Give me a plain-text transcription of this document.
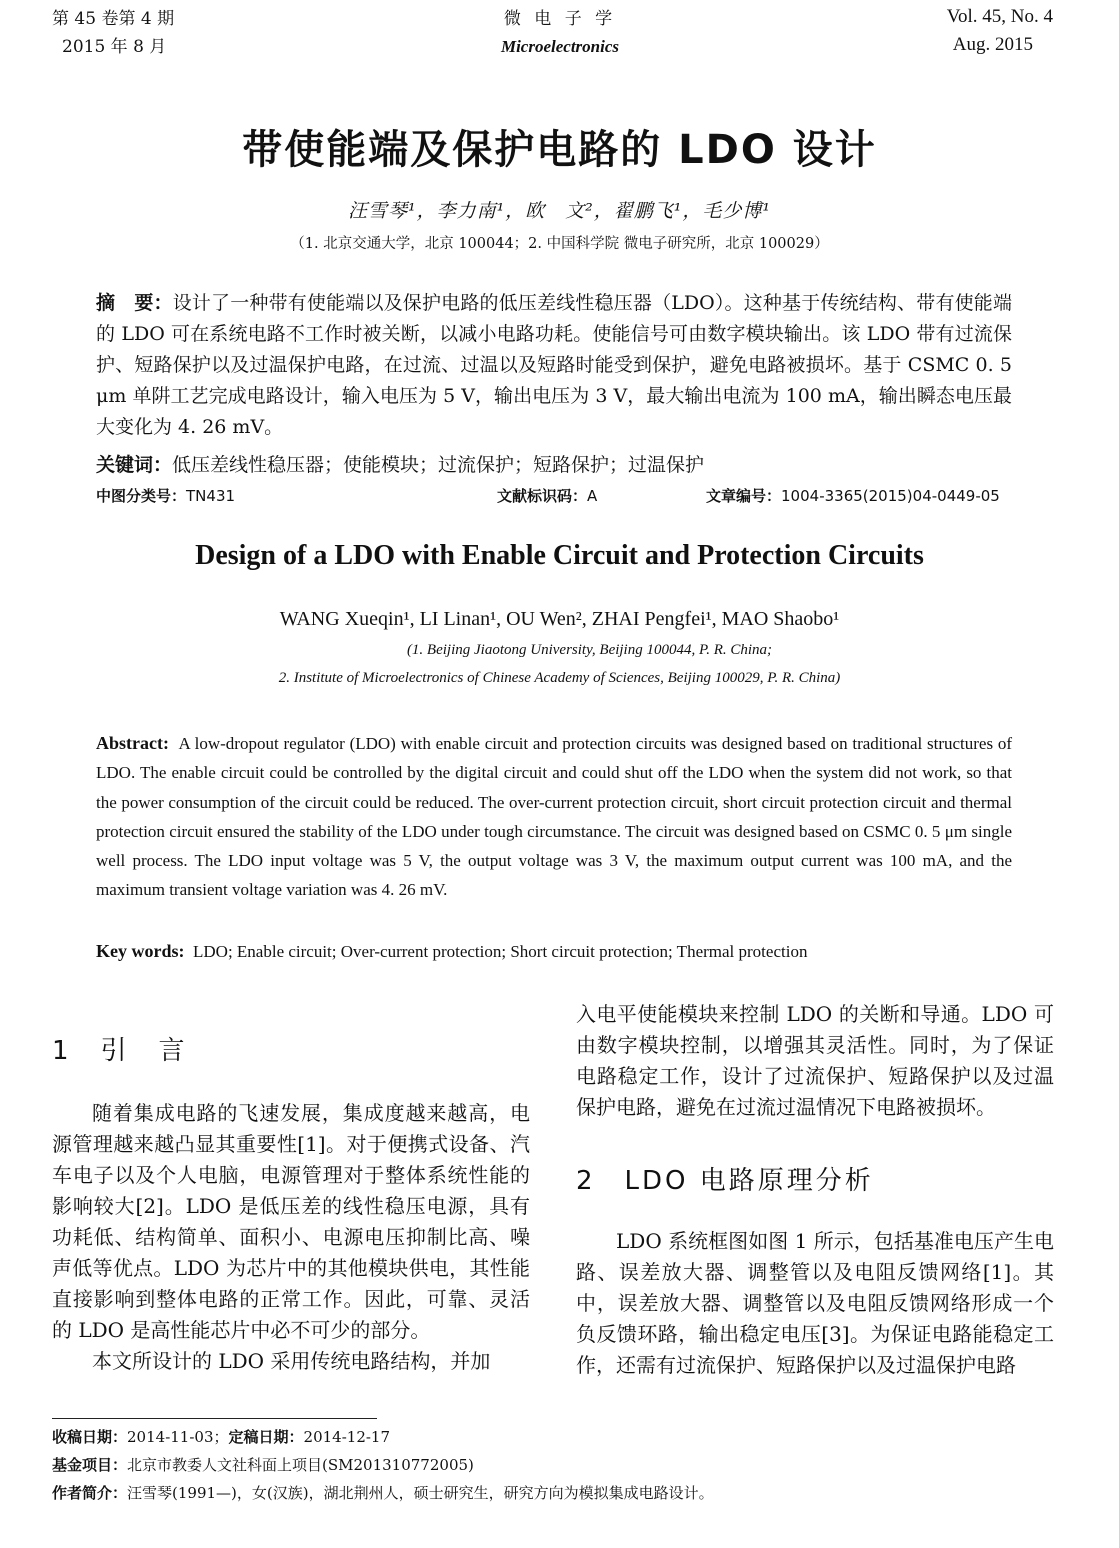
第 45 卷第 4 期
2015 年 8 月
微 电 子 学
Microelectronics
Vol. 45, No. 4
Aug. 2015
带使能端及保护电路的 LDO 设计
汪雪琴¹，李力南¹，欧　文²，翟鹏飞¹，毛少博¹
（1. 北京交通大学，北京 100044；2. 中国科学院 微电子研究所，北京 100029）
摘　要：设计了一种带有使能端以及保护电路的低压差线性稳压器（LDO）。这种基于传统结构、带有使能端的 LDO 可在系统电路不工作时被关断，以减小电路功耗。使能信号可由数字模块输出。该 LDO 带有过流保护、短路保护以及过温保护电路，在过流、过温以及短路时能受到保护，避免电路被损坏。基于 CSMC 0. 5 μm 单阱工艺完成电路设计，输入电压为 5 V，输出电压为 3 V，最大输出电流为 100 mA，输出瞬态电压最大变化为 4. 26 mV。
关键词：低压差线性稳压器；使能模块；过流保护；短路保护；过温保护
中图分类号：TN431	文献标识码：A	文章编号：1004-3365(2015)04-0449-05
Design of a LDO with Enable Circuit and Protection Circuits
WANG Xueqin¹, LI Linan¹, OU Wen², ZHAI Pengfei¹, MAO Shaobo¹
(1. Beijing Jiaotong University, Beijing 100044, P. R. China;
2. Institute of Microelectronics of Chinese Academy of Sciences, Beijing 100029, P. R. China)
Abstract: A low-dropout regulator (LDO) with enable circuit and protection circuits was designed based on traditional structures of LDO. The enable circuit could be controlled by the digital circuit and could shut off the LDO when the system did not work, so that the power consumption of the circuit could be reduced. The over-current protection circuit, short circuit protection circuit and thermal protection circuit ensured the stability of the LDO under tough circumstance. The circuit was designed based on CSMC 0. 5 μm single well process. The LDO input voltage was 5 V, the output voltage was 3 V, the maximum output current was 100 mA, and the maximum transient voltage variation was 4. 26 mV.
Key words: LDO; Enable circuit; Over-current protection; Short circuit protection; Thermal protection
1　引　言
随着集成电路的飞速发展，集成度越来越高，电源管理越来越凸显其重要性[1]。对于便携式设备、汽车电子以及个人电脑，电源管理对于整体系统性能的影响较大[2]。LDO 是低压差的线性稳压电源，具有功耗低、结构简单、面积小、电源电压抑制比高、噪声低等优点。LDO 为芯片中的其他模块供电，其性能直接影响到整体电路的正常工作。因此，可靠、灵活的 LDO 是高性能芯片中必不可少的部分。
本文所设计的 LDO 采用传统电路结构，并加
入电平使能模块来控制 LDO 的关断和导通。LDO 可由数字模块控制，以增强其灵活性。同时，为了保证电路稳定工作，设计了过流保护、短路保护以及过温保护电路，避免在过流过温情况下电路被损坏。
2　LDO 电路原理分析
LDO 系统框图如图 1 所示，包括基准电压产生电路、误差放大器、调整管以及电阻反馈网络[1]。其中，误差放大器、调整管以及电阻反馈网络形成一个负反馈环路，输出稳定电压[3]。为保证电路能稳定工作，还需有过流保护、短路保护以及过温保护电路
收稿日期：2014-11-03；定稿日期：2014-12-17
基金项目：北京市教委人文社科面上项目(SM201310772005)
作者简介：汪雪琴(1991—)，女(汉族)，湖北荆州人，硕士研究生，研究方向为模拟集成电路设计。
